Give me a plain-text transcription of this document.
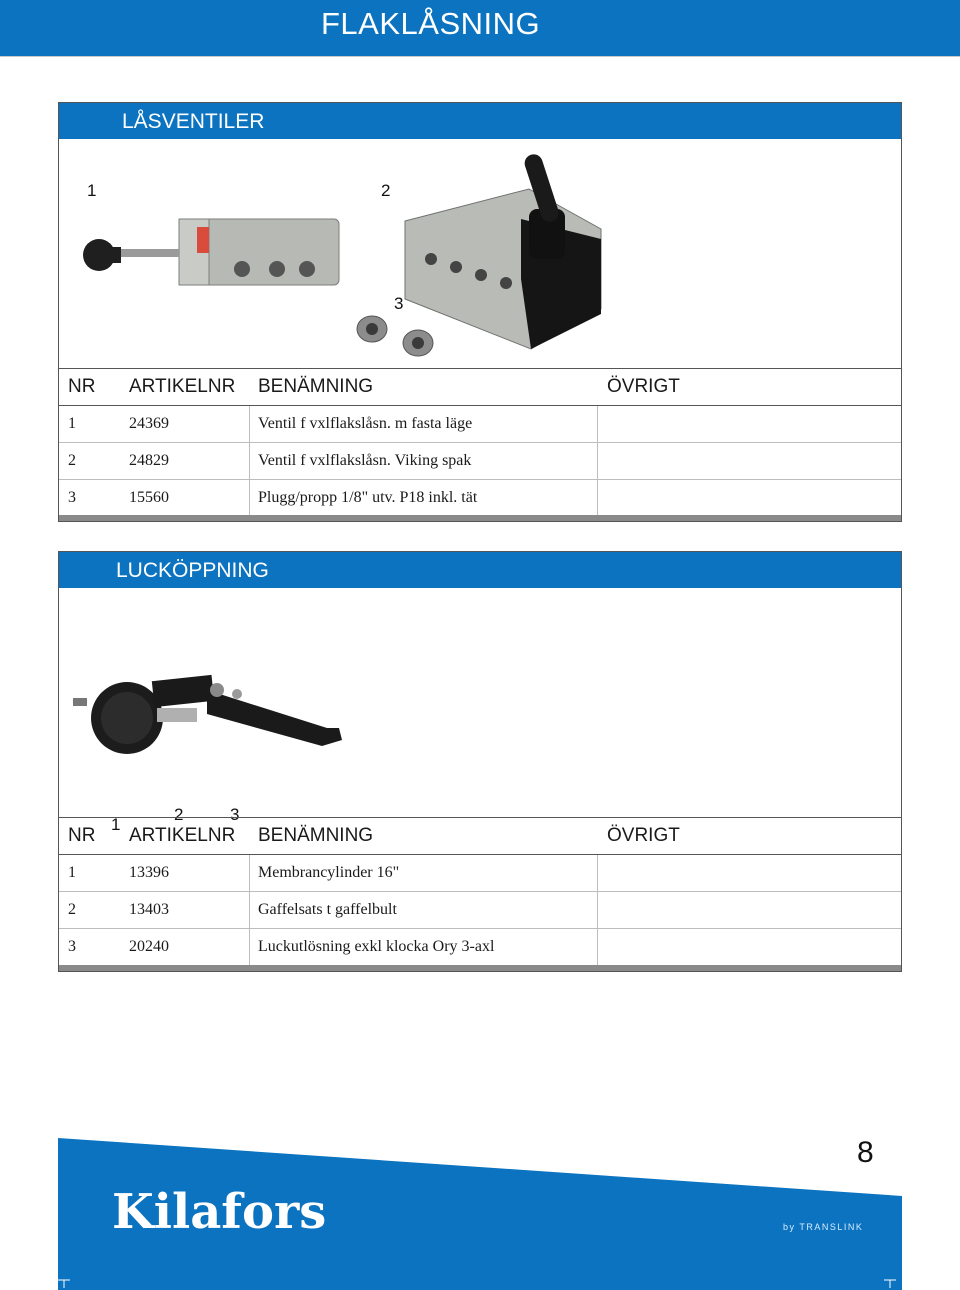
FLAKLÅSNING
LÅSVENTILER
1	2
3
NR ARTIKELNR BENÄMNING	ÖVRIGT
1	24369	Ventil f vxlflakslåsn. m fasta läge
2	24829	Ventil f vxlflakslåsn. Viking spak
3	15560	Plugg/propp 1/8" utv. P18 inkl. tät
LUCKÖPPNING
1
2	3
NR ARTIKELNR BENÄMNING	ÖVRIGT
1	13396	Membrancylinder 16"
2	13403	Gaffelsats t gaffelbult
3	20240	Luckutlösning exkl klocka Ory 3-axl
8
Kilafors	by TRANSLINK
